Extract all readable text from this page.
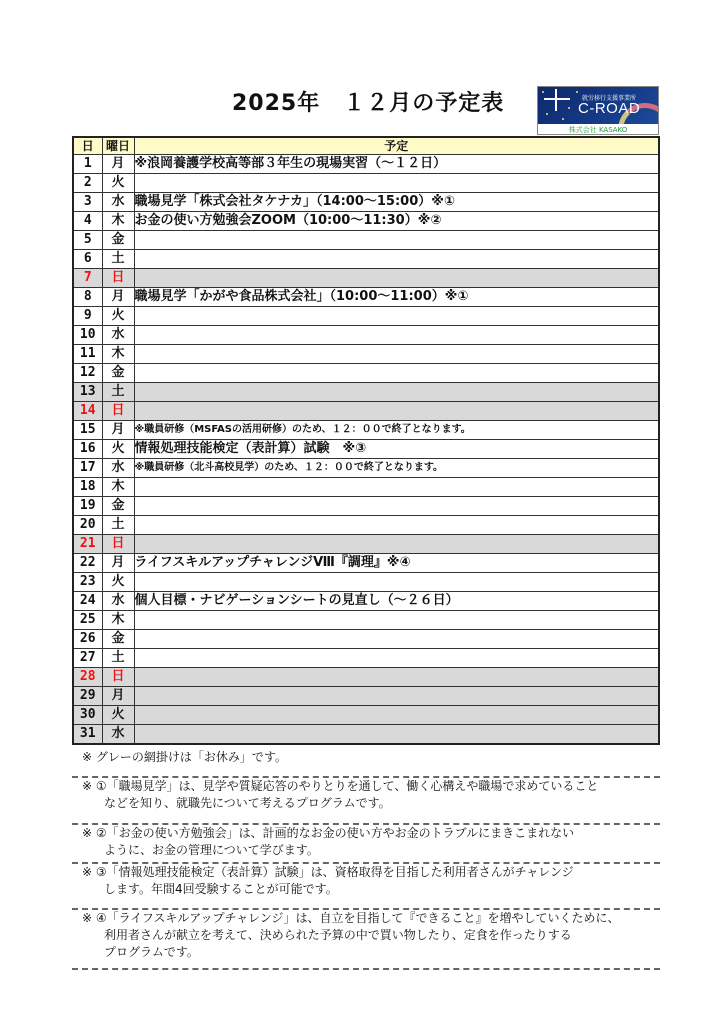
2025年　１２月の予定表	就労移行支援事業所
C-ROAD
株式会社 KASAKO
日	曜日	予定
1	月	※浪岡養護学校高等部３年生の現場実習（～１２日）
2	火	
3	水	職場見学「株式会社タケナカ」（14:00～15:00）※①
4	木	お金の使い方勉強会ZOOM（10:00～11:30）※②
5	金	
6	土	
7	日	
8	月	職場見学「かがや食品株式会社」（10:00～11:00）※①
9	火	
10	水	
11	木	
12	金	
13	土	
14	日	
15	月	※職員研修（MSFASの活用研修）のため、１２：００で終了となります。
16	火	情報処理技能検定（表計算）試験　※③
17	水	※職員研修（北斗高校見学）のため、１２：００で終了となります。
18	木	
19	金	
20	土	
21	日	
22	月	ライフスキルアップチャレンジⅧ『調理』※④
23	火	
24	水	個人目標・ナビゲーションシートの見直し（～２６日）
25	木	
26	金	
27	土	
28	日	
29	月	
30	火	
31	水	
※ グレーの網掛けは「お休み」です。
※ ①「職場見学」は、見学や質疑応答のやりとりを通して、働く心構えや職場で求めていること
などを知り、就職先について考えるプログラムです。
※ ②「お金の使い方勉強会」は、計画的なお金の使い方やお金のトラブルにまきこまれない
ように、お金の管理について学びます。
※ ③「情報処理技能検定（表計算）試験」は、資格取得を目指した利用者さんがチャレンジ
します。年間4回受験することが可能です。
※ ④「ライフスキルアップチャレンジ」は、自立を目指して『できること』を増やしていくために、
利用者さんが献立を考えて、決められた予算の中で買い物したり、定食を作ったりする
プログラムです。
